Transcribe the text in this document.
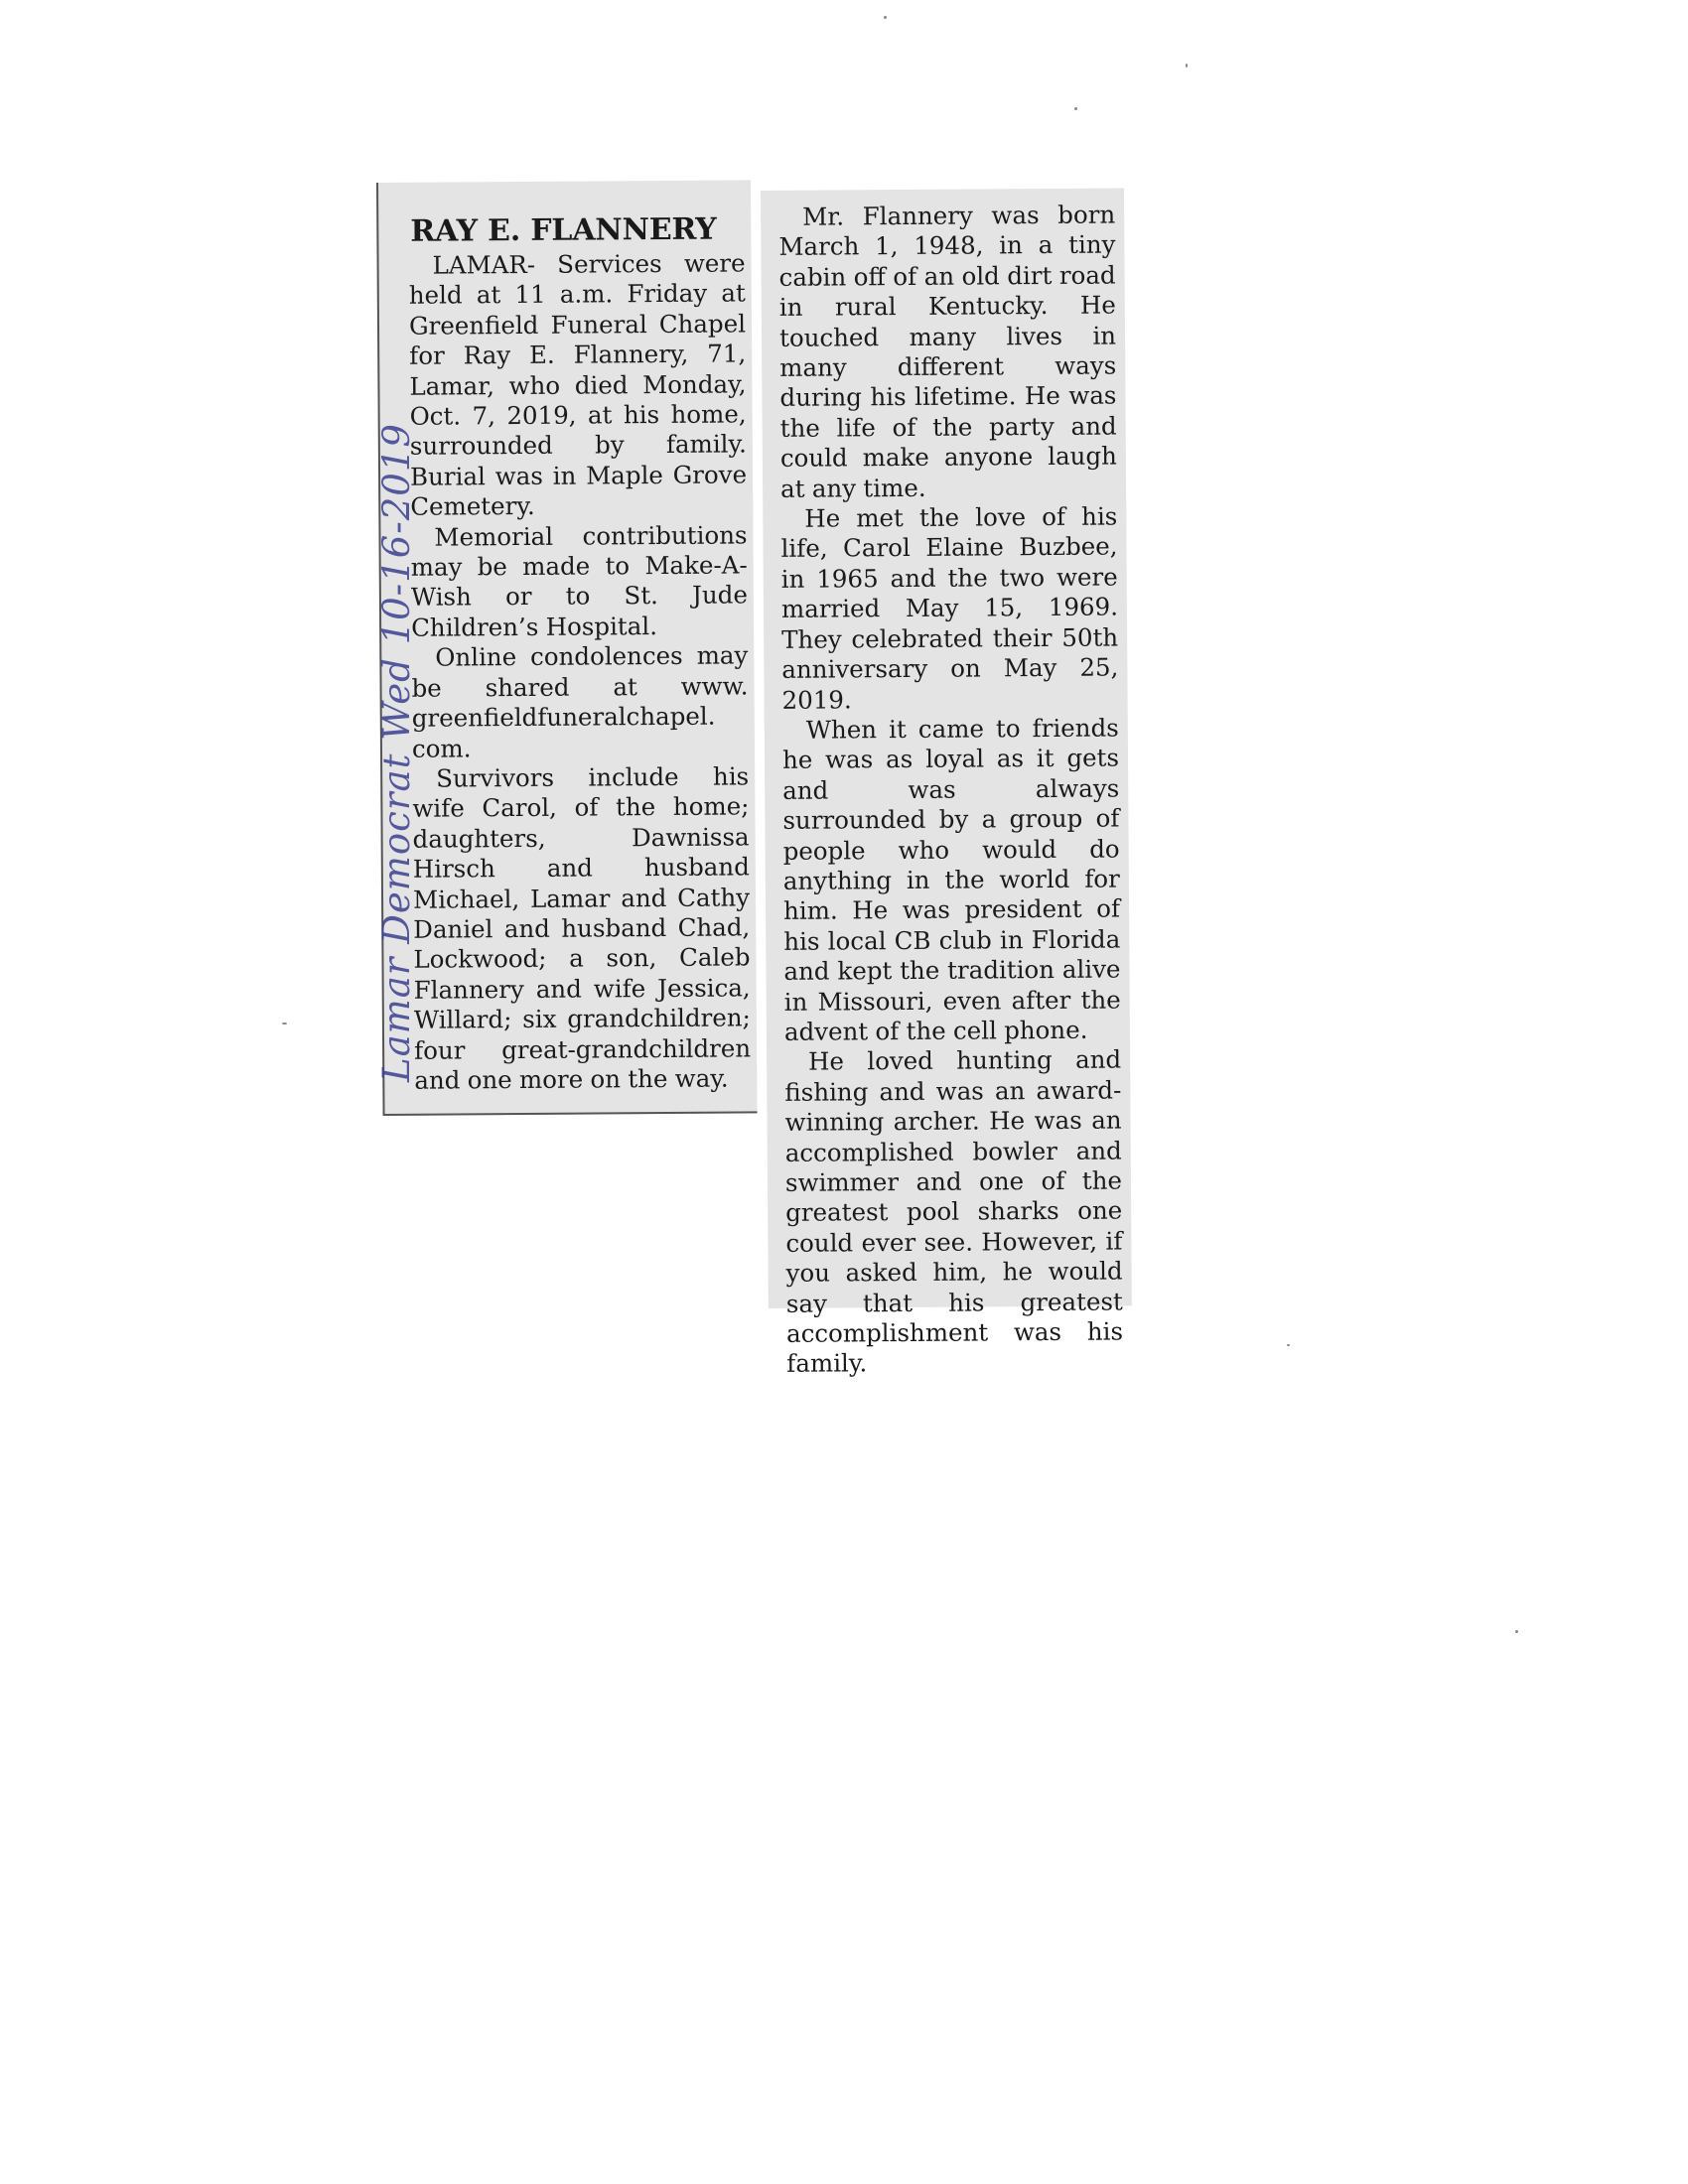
RAY E. FLANNERY

LAMAR- Services were held at 11 a.m. Friday at Greenfield Funeral Chapel for Ray E. Flannery, 71, Lamar, who died Monday, Oct. 7, 2019, at his home, surrounded by family. Burial was in Maple Grove Cemetery.

Memorial contributions may be made to Make-A-Wish or to St. Jude Children’s Hospital.

Online condolences may be shared at www. greenfieldfuneralchapel. com.

Survivors include his wife Carol, of the home; daughters, Dawnissa Hirsch and husband Michael, Lamar and Cathy Daniel and husband Chad, Lockwood; a son, Caleb Flannery and wife Jessica, Willard; six grandchildren; four great-grandchildren and one more on the way.

Mr. Flannery was born March 1, 1948, in a tiny cabin off of an old dirt road in rural Kentucky. He touched many lives in many different ways during his lifetime. He was the life of the party and could make anyone laugh at any time.

He met the love of his life, Carol Elaine Buzbee, in 1965 and the two were married May 15, 1969. They celebrated their 50th anniversary on May 25, 2019.

When it came to friends he was as loyal as it gets and was always surrounded by a group of people who would do anything in the world for him. He was president of his local CB club in Florida and kept the tradition alive in Missouri, even after the advent of the cell phone.

He loved hunting and fishing and was an award-winning archer. He was an accomplished bowler and swimmer and one of the greatest pool sharks one could ever see. However, if you asked him, he would say that his greatest accomplishment was his family.

Lamar Democrat Wed 10-16-2019
